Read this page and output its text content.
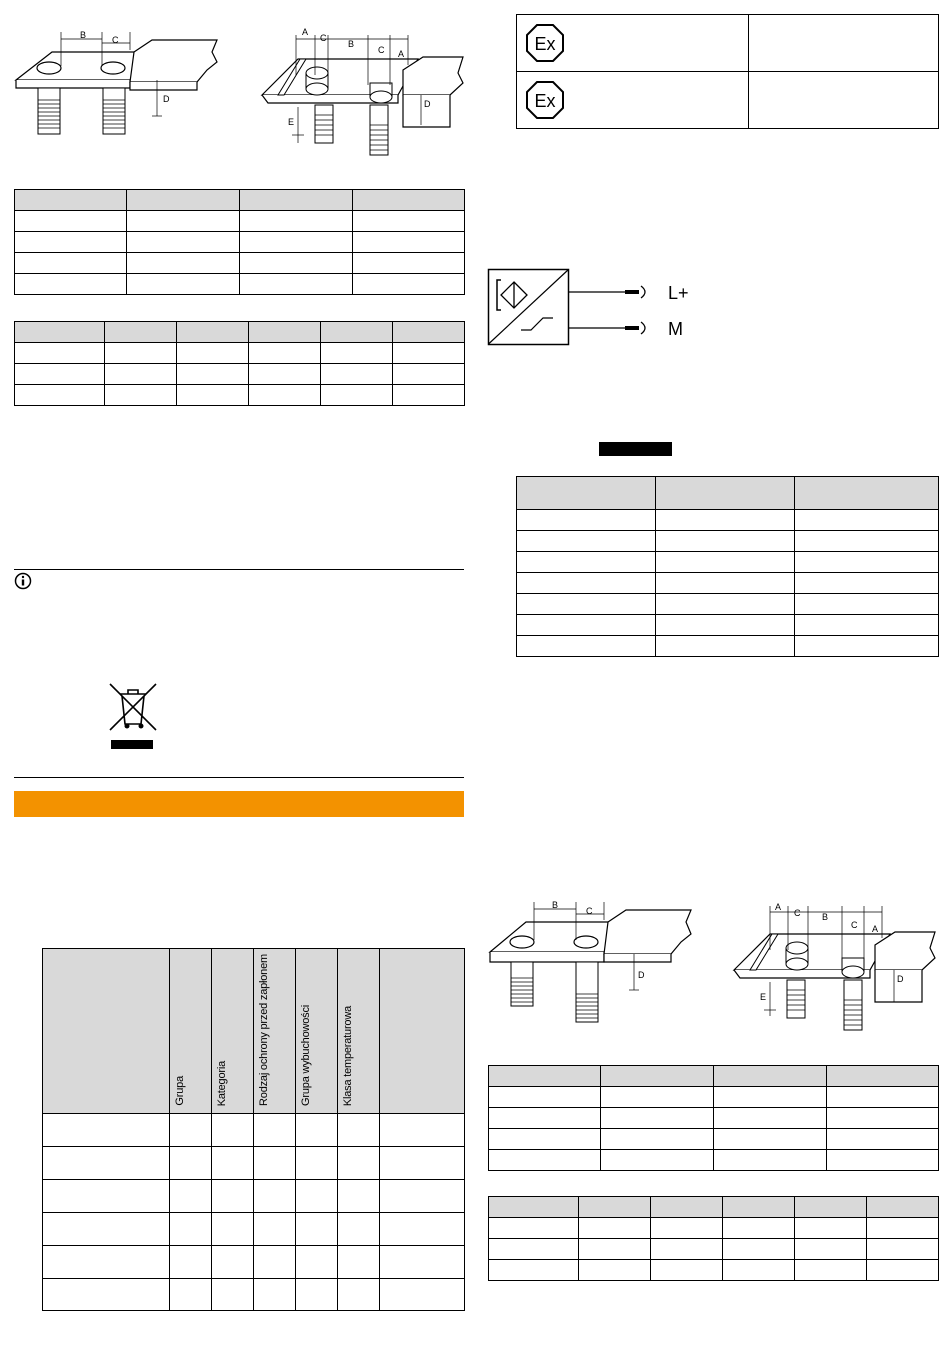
B	C
D
A
C
B
C A
D
E

	Grupa	Kategoria	Rodzaj ochrony przed zapłonem	Grupa wybuchowości	Klasa temperaturowa	

Ex	

Ex	

L+
M

B
C
D
A
C B
C A
D
E
